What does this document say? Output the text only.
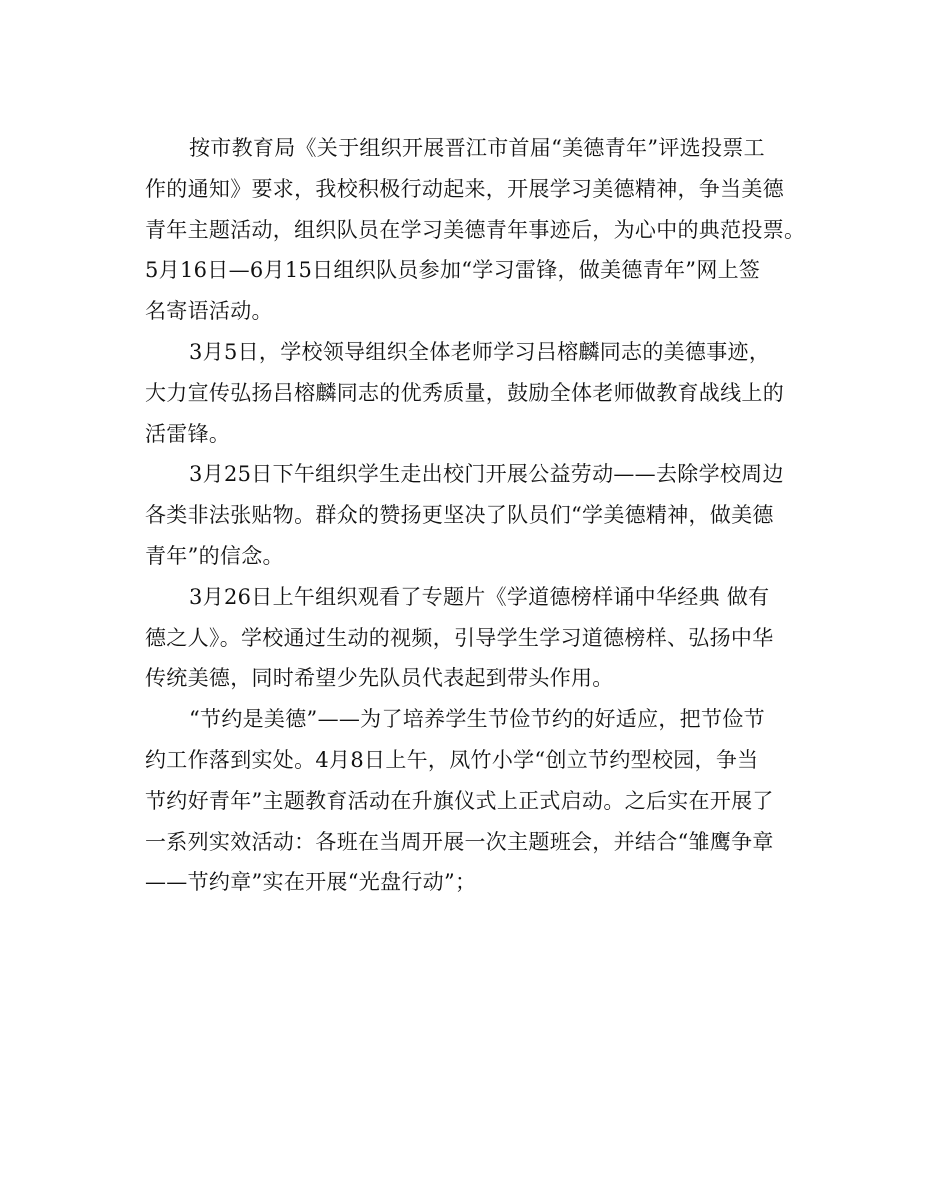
按市教育局《关于组织开展晋江市首届“美德青年”评选投票工
作的通知》要求，我校积极行动起来，开展学习美德精神，争当美德
青年主题活动，组织队员在学习美德青年事迹后，为心中的典范投票。
5月16日—6月15日组织队员参加“学习雷锋，做美德青年”网上签
名寄语活动。
3月5日，学校领导组织全体老师学习吕榕麟同志的美德事迹，
大力宣传弘扬吕榕麟同志的优秀质量，鼓励全体老师做教育战线上的
活雷锋。
3月25日下午组织学生走出校门开展公益劳动——去除学校周边
各类非法张贴物。群众的赞扬更坚决了队员们“学美德精神，做美德
青年”的信念。
3月26日上午组织观看了专题片《学道德榜样诵中华经典 做有
德之人》。学校通过生动的视频，引导学生学习道德榜样、弘扬中华
传统美德，同时希望少先队员代表起到带头作用。
“节约是美德”——为了培养学生节俭节约的好适应，把节俭节
约工作落到实处。4月8日上午，凤竹小学“创立节约型校园，争当
节约好青年”主题教育活动在升旗仪式上正式启动。之后实在开展了
一系列实效活动：各班在当周开展一次主题班会，并结合“雏鹰争章
——节约章”实在开展“光盘行动”；
